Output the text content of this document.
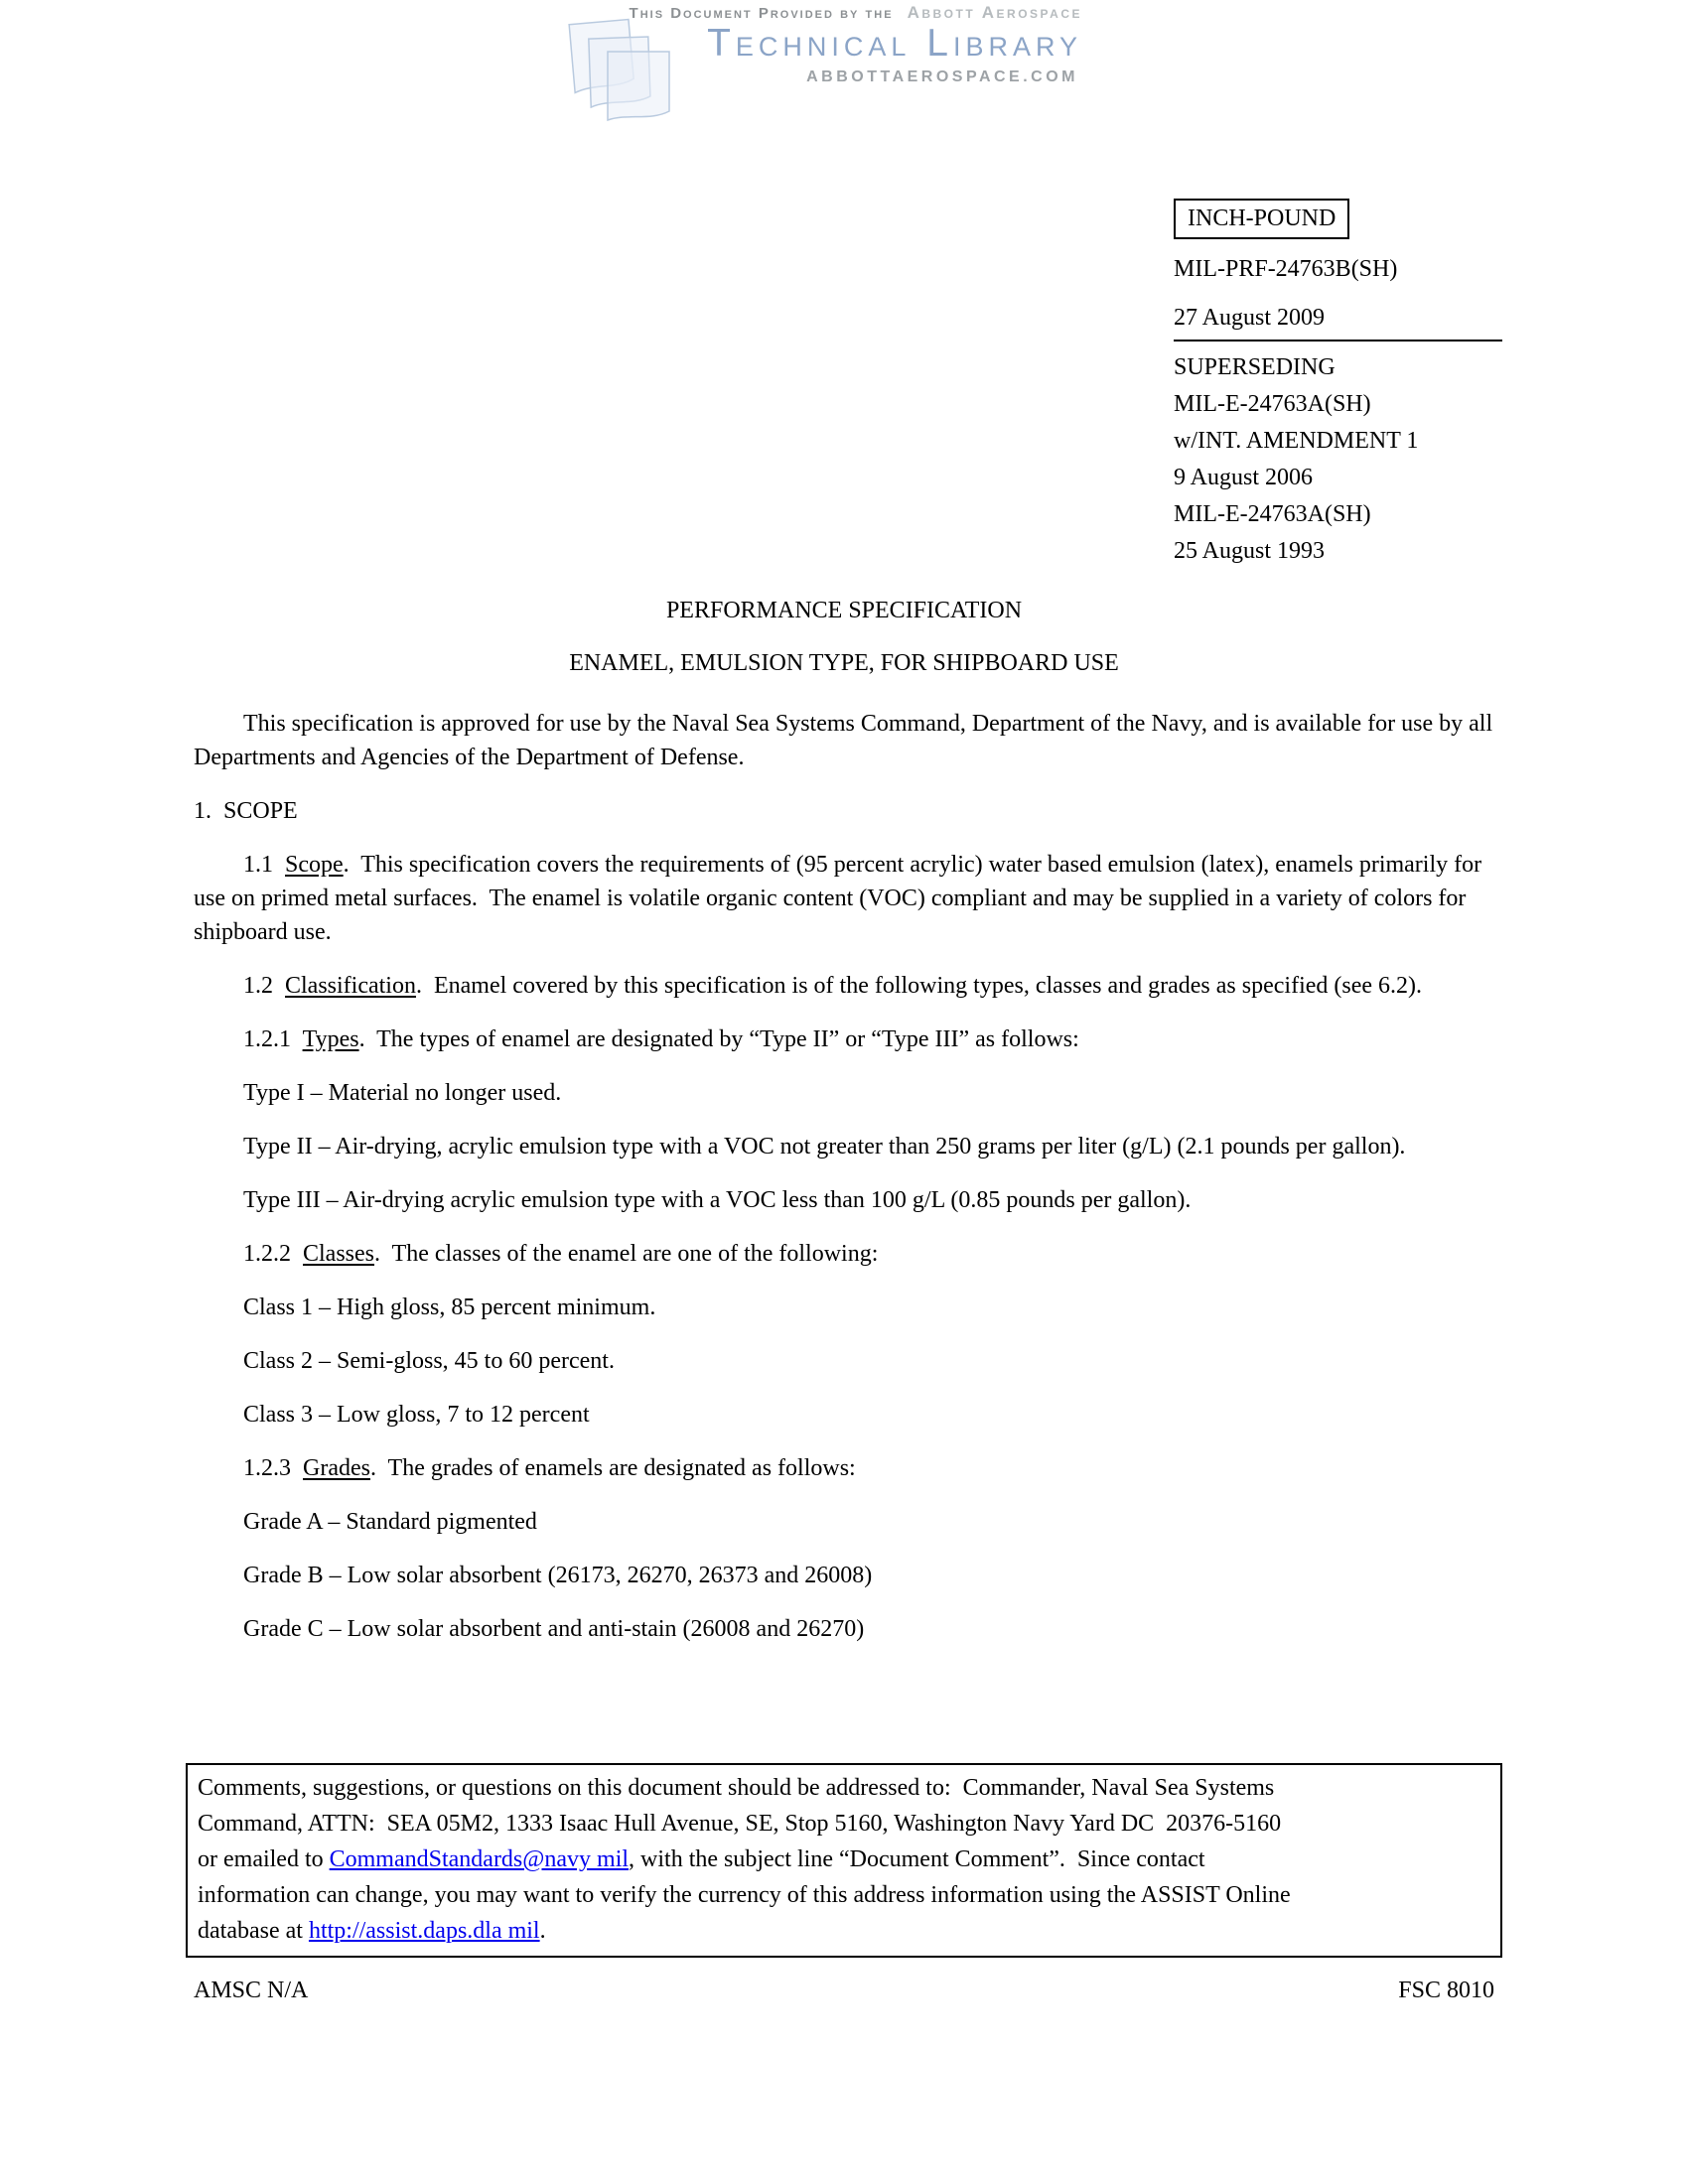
This Document Provided by the Abbott Aerospace
Technical Library
ABBOTTAEROSPACE.COM
INCH-POUND
MIL-PRF-24763B(SH)
27 August 2009
SUPERSEDING
MIL-E-24763A(SH)
w/INT. AMENDMENT 1
9 August 2006
MIL-E-24763A(SH)
25 August 1993
PERFORMANCE SPECIFICATION
ENAMEL, EMULSION TYPE, FOR SHIPBOARD USE

This specification is approved for use by the Naval Sea Systems Command, Department of the Navy, and is available for use by all Departments and Agencies of the Department of Defense.

1.  SCOPE

1.1  Scope.  This specification covers the requirements of (95 percent acrylic) water based emulsion (latex), enamels primarily for use on primed metal surfaces.  The enamel is volatile organic content (VOC) compliant and may be supplied in a variety of colors for shipboard use.

1.2  Classification.  Enamel covered by this specification is of the following types, classes and grades as specified (see 6.2).

1.2.1  Types.  The types of enamel are designated by “Type II” or “Type III” as follows:

Type I – Material no longer used.

Type II – Air-drying, acrylic emulsion type with a VOC not greater than 250 grams per liter (g/L) (2.1 pounds per gallon).

Type III – Air-drying acrylic emulsion type with a VOC less than 100 g/L (0.85 pounds per gallon).

1.2.2  Classes.  The classes of the enamel are one of the following:

Class 1 – High gloss, 85 percent minimum.

Class 2 – Semi-gloss, 45 to 60 percent.

Class 3 – Low gloss, 7 to 12 percent

1.2.3  Grades.  The grades of enamels are designated as follows:

Grade A – Standard pigmented

Grade B – Low solar absorbent (26173, 26270, 26373 and 26008)

Grade C – Low solar absorbent and anti-stain (26008 and 26270)

Comments, suggestions, or questions on this document should be addressed to:  Commander, Naval Sea Systems
Command, ATTN:  SEA 05M2, 1333 Isaac Hull Avenue, SE, Stop 5160, Washington Navy Yard DC  20376-5160
or emailed to CommandStandards@navy mil, with the subject line “Document Comment”.  Since contact
information can change, you may want to verify the currency of this address information using the ASSIST Online
database at http://assist.daps.dla mil.
AMSC N/A	FSC 8010
